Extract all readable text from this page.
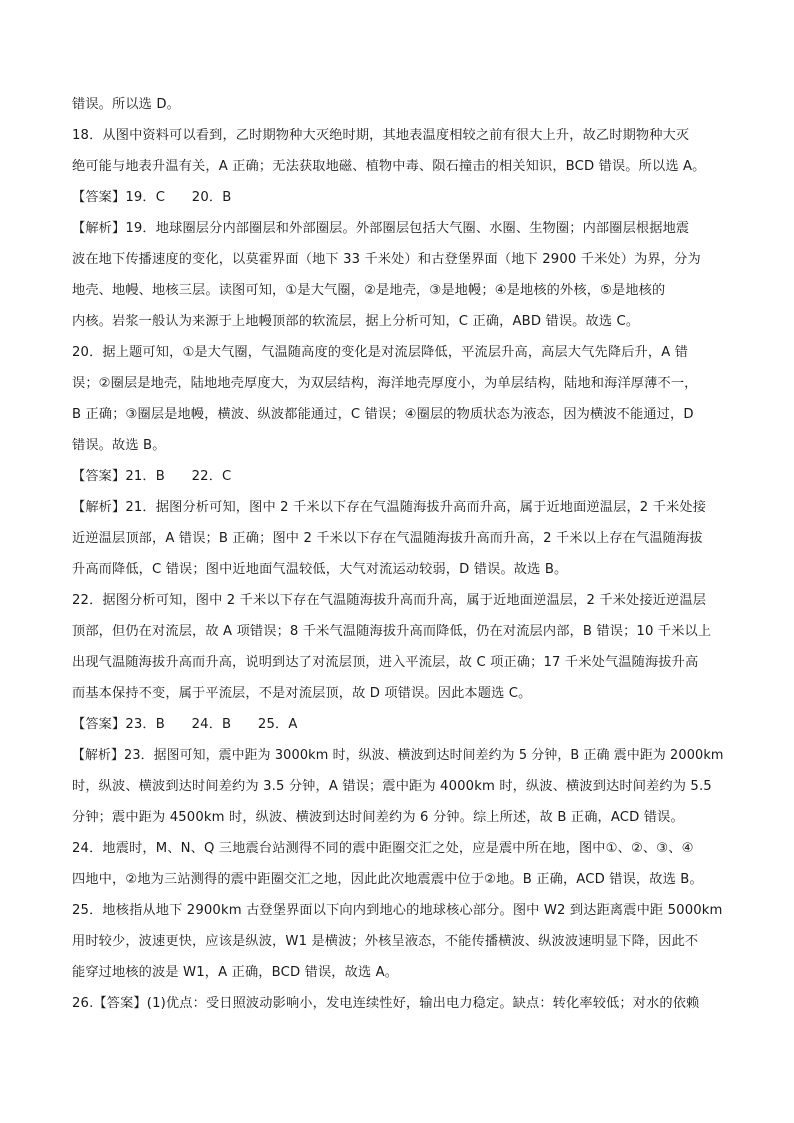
错误。所以选 D。
18．从图中资料可以看到，乙时期物种大灭绝时期，其地表温度相较之前有很大上升，故乙时期物种大灭
绝可能与地表升温有关，A 正确；无法获取地磁、植物中毒、陨石撞击的相关知识，BCD 错误。所以选 A。
【答案】19．C　　20．B
【解析】19．地球圈层分内部圈层和外部圈层。外部圈层包括大气圈、水圈、生物圈；内部圈层根据地震
波在地下传播速度的变化，以莫霍界面（地下 33 千米处）和古登堡界面（地下 2900 千米处）为界，分为
地壳、地幔、地核三层。读图可知，①是大气圈，②是地壳，③是地幔；④是地核的外核，⑤是地核的
内核。岩浆一般认为来源于上地幔顶部的软流层，据上分析可知，C 正确，ABD 错误。故选 C。
20．据上题可知，①是大气圈，气温随高度的变化是对流层降低，平流层升高，高层大气先降后升，A 错
误；②圈层是地壳，陆地地壳厚度大，为双层结构，海洋地壳厚度小，为单层结构，陆地和海洋厚薄不一，
B 正确；③圈层是地幔，横波、纵波都能通过，C 错误；④圈层的物质状态为液态，因为横波不能通过，D
错误。故选 B。
【答案】21．B　　22．C
【解析】21．据图分析可知，图中 2 千米以下存在气温随海拔升高而升高，属于近地面逆温层，2 千米处接
近逆温层顶部，A 错误；B 正确；图中 2 千米以下存在气温随海拔升高而升高，2 千米以上存在气温随海拔
升高而降低，C 错误；图中近地面气温较低，大气对流运动较弱，D 错误。故选 B。
22．据图分析可知，图中 2 千米以下存在气温随海拔升高而升高，属于近地面逆温层，2 千米处接近逆温层
顶部，但仍在对流层，故 A 项错误；8 千米气温随海拔升高而降低，仍在对流层内部，B 错误；10 千米以上
出现气温随海拔升高而升高，说明到达了对流层顶，进入平流层，故 C 项正确；17 千米处气温随海拔升高
而基本保持不变，属于平流层，不是对流层顶，故 D 项错误。因此本题选 C。
【答案】23．B　　24．B　　25．A
【解析】23．据图可知，震中距为 3000km 时，纵波、横波到达时间差约为 5 分钟，B 正确 震中距为 2000km
时，纵波、横波到达时间差约为 3.5 分钟，A 错误；震中距为 4000km 时，纵波、横波到达时间差约为 5.5
分钟；震中距为 4500km 时，纵波、横波到达时间差约为 6 分钟。综上所述，故 B 正确，ACD 错误。
24．地震时，M、N、Q 三地震台站测得不同的震中距圈交汇之处，应是震中所在地，图中①、②、③、④
四地中，②地为三站测得的震中距圈交汇之地，因此此次地震震中位于②地。B 正确，ACD 错误，故选 B。
25．地核指从地下 2900km 古登堡界面以下向内到地心的地球核心部分。图中 W2 到达距离震中距 5000km
用时较少，波速更快，应该是纵波，W1 是横波；外核呈液态，不能传播横波、纵波波速明显下降，因此不
能穿过地核的波是 W1，A 正确，BCD 错误，故选 A。
26.【答案】(1)优点：受日照波动影响小，发电连续性好，输出电力稳定。缺点：转化率较低；对水的依赖
